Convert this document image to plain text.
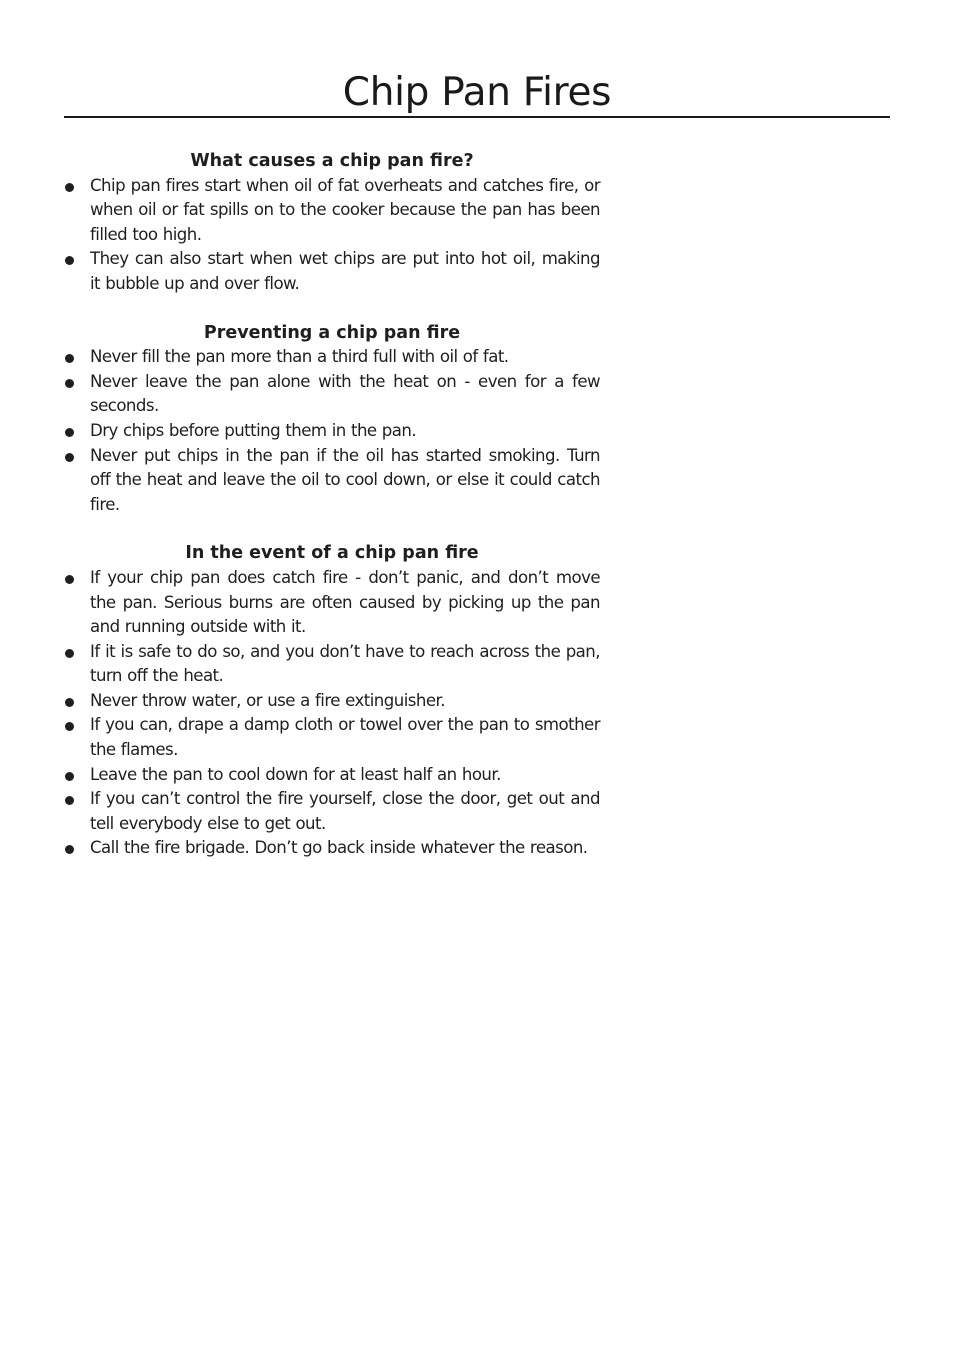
Chip Pan Fires
What causes a chip pan fire?
Chip pan fires start when oil of fat overheats and catches fire, or when oil or fat spills on to the cooker because the pan has been filled too high.
They can also start when wet chips are put into hot oil, making it bubble up and over flow.
Preventing a chip pan fire
Never fill the pan more than a third full with oil of fat.
Never leave the pan alone with the heat on - even for a few seconds.
Dry chips before putting them in the pan.
Never put chips in the pan if the oil has started smoking. Turn off the heat and leave the oil to cool down, or else it could catch fire.
In the event of a chip pan fire
If your chip pan does catch fire - don’t panic, and don’t move the pan. Serious burns are often caused by picking up the pan and running outside with it.
If it is safe to do so, and you don’t have to reach across the pan, turn off the heat.
Never throw water, or use a fire extinguisher.
If you can, drape a damp cloth or towel over the pan to smother the flames.
Leave the pan to cool down for at least half an hour.
If you can’t control the fire yourself, close the door, get out and tell everybody else to get out.
Call the fire brigade. Don’t go back inside whatever the reason.
